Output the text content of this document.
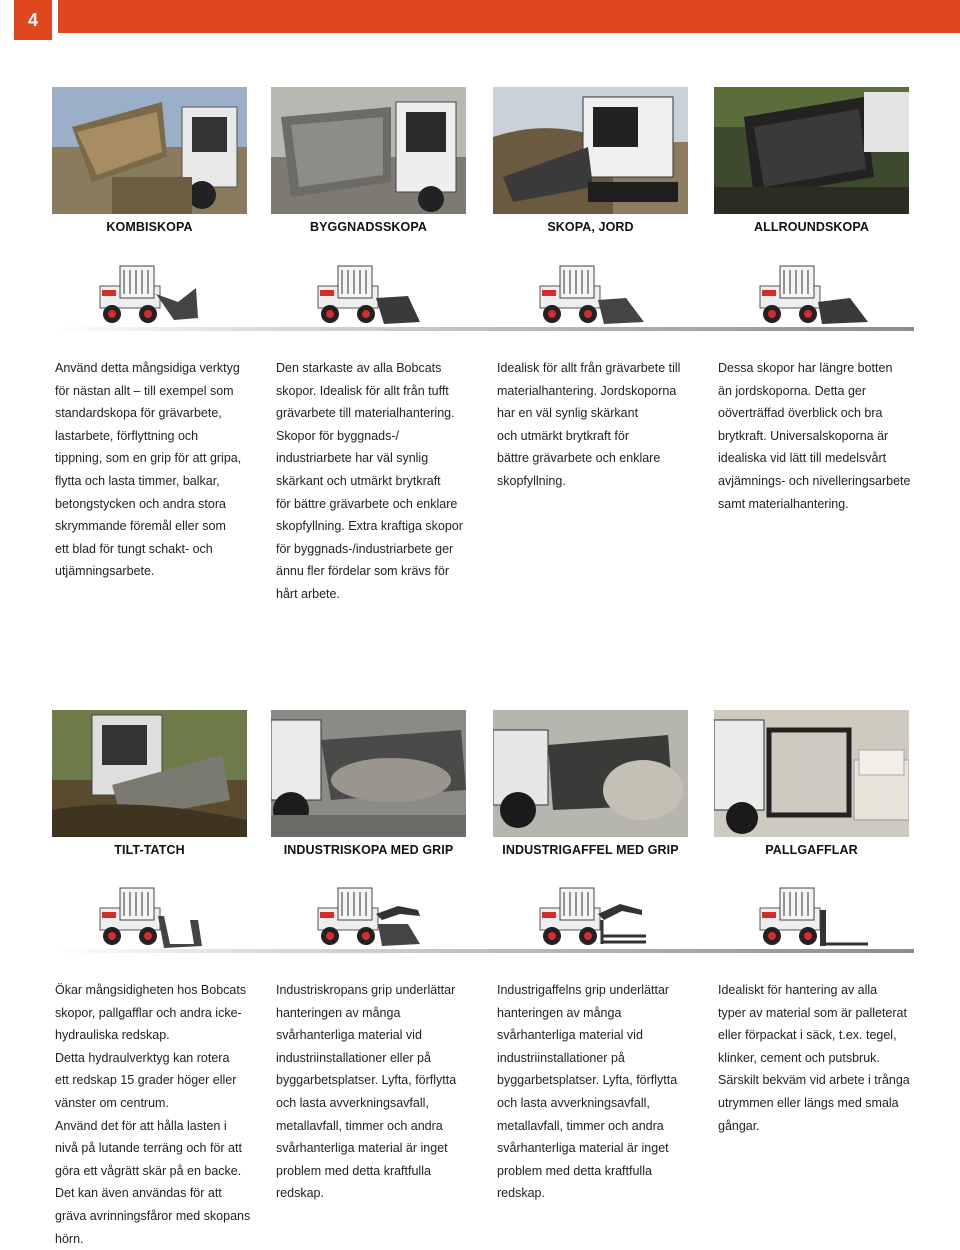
4
KOMBISKOPA	BYGGNADSSKOPA	SKOPA, JORD	ALLROUNDSKOPA
Använd detta mångsidiga verktyg
för nästan allt – till exempel som
standardskopa för grävarbete,
lastarbete, förflyttning och
tippning, som en grip för att gripa,
flytta och lasta timmer, balkar,
betongstycken och andra stora
skrymmande föremål eller som
ett blad för tungt schakt- och
utjämningsarbete.
Den starkaste av alla Bobcats
skopor. Idealisk för allt från tufft
grävarbete till materialhantering.
Skopor för byggnads-/
industriarbete har väl synlig
skärkant och utmärkt brytkraft
för bättre grävarbete och enklare
skopfyllning. Extra kraftiga skopor
för byggnads-/industriarbete ger
ännu fler fördelar som krävs för
hårt arbete.
Idealisk för allt från grävarbete till
materialhantering. Jordskoporna
har en väl synlig skärkant
och utmärkt brytkraft för
bättre grävarbete och enklare
skopfyllning.
Dessa skopor har längre botten
än jordskoporna. Detta ger
oöverträffad överblick och bra
brytkraft. Universalskoporna är
idealiska vid lätt till medelsvårt
avjämnings- och nivelleringsarbete
samt materialhantering.
TILT-TATCH	INDUSTRISKOPA MED GRIP	INDUSTRIGAFFEL MED GRIP	PALLGAFFLAR
Ökar mångsidigheten hos Bobcats
skopor, pallgafflar och andra icke-
hydrauliska redskap.
Detta hydraulverktyg kan rotera
ett redskap 15 grader höger eller
vänster om centrum.
Använd det för att hålla lasten i
nivå på lutande terräng och för att
göra ett vågrätt skär på en backe.
Det kan även användas för att
gräva avrinningsfåror med skopans
hörn.
Industriskropans grip underlättar
hanteringen av många
svårhanterliga material vid
industriinstallationer eller på
byggarbetsplatser. Lyfta, förflytta
och lasta avverkningsavfall,
metallavfall, timmer och andra
svårhanterliga material är inget
problem med detta kraftfulla
redskap.
Industrigaffelns grip underlättar
hanteringen av många
svårhanterliga material vid
industriinstallationer på
byggarbetsplatser. Lyfta, förflytta
och lasta avverkningsavfall,
metallavfall, timmer och andra
svårhanterliga material är inget
problem med detta kraftfulla
redskap.
Idealiskt för hantering av alla
typer av material som är palleterat
eller förpackat i säck, t.ex. tegel,
klinker, cement och putsbruk.
Särskilt bekväm vid arbete i trånga
utrymmen eller längs med smala
gångar.
